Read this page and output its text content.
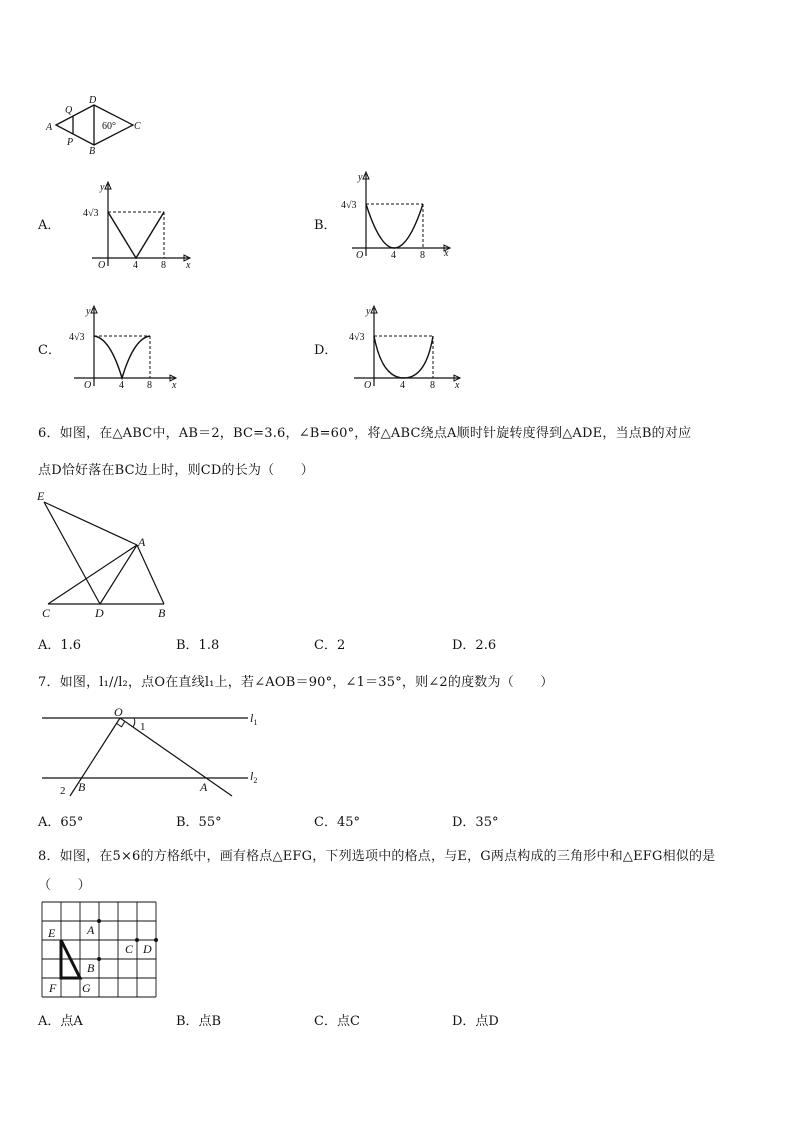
A
Q
D
60° C
P
B
A．
y
4√3
O	4 8 x
B．
y
4√3
O	4 8 x
C．
y
4√3
O	4 8 x
D．
y
4√3
O	4	8 x
6．如图，在△ABC中，AB＝2，BC=3.6，∠B=60°，将△ABC绕点A顺时针旋转度得到△ADE，当点B的对应
点D恰好落在BC边上时，则CD的长为（　　）
E
A
C	D	B
A．1.6	B．1.8	C．2	D．2.6
7．如图，l₁//l₂，点O在直线l₁上，若∠AOB＝90°，∠1＝35°，则∠2的度数为（　　）
O
1
$l_1$
$l_2$
2 B	A
A．65°	B．55°	C．45°	D．35°
8．如图，在5×6的方格纸中，画有格点△EFG，下列选项中的格点，与E，G两点构成的三角形中和△EFG相似的是
（　　）
E	A
C D
B
F G
A．点A	B．点B	C．点C	D．点D
